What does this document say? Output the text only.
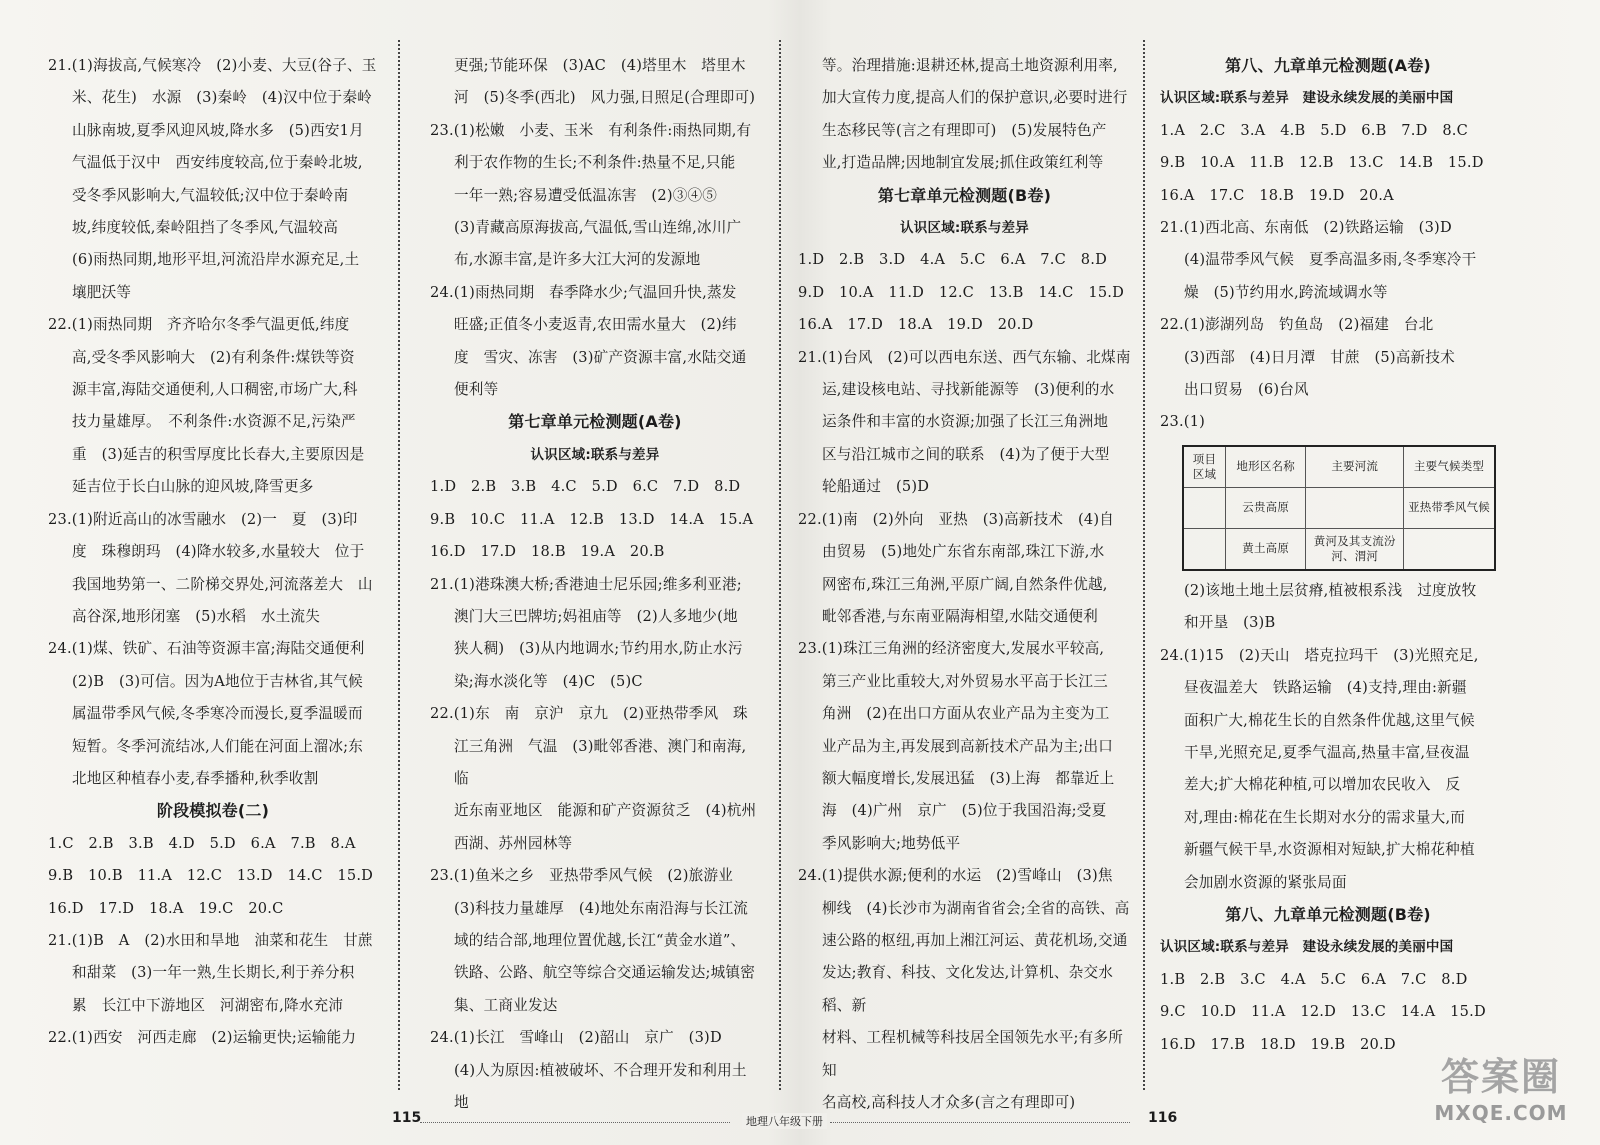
21.(1)海拔高,气候寒冷　(2)小麦、大豆(谷子、玉
米、花生)　水源　(3)秦岭　(4)汉中位于秦岭
山脉南坡,夏季风迎风坡,降水多　(5)西安1月
气温低于汉中　西安纬度较高,位于秦岭北坡,
受冬季风影响大,气温较低;汉中位于秦岭南
坡,纬度较低,秦岭阻挡了冬季风,气温较高
(6)雨热同期,地形平坦,河流沿岸水源充足,土
壤肥沃等
22.(1)雨热同期　齐齐哈尔冬季气温更低,纬度
高,受冬季风影响大　(2)有利条件:煤铁等资
源丰富,海陆交通便利,人口稠密,市场广大,科
技力量雄厚。　不利条件:水资源不足,污染严
重　(3)延吉的积雪厚度比长春大,主要原因是
延吉位于长白山脉的迎风坡,降雪更多
23.(1)附近高山的冰雪融水　(2)一　夏　(3)印
度　珠穆朗玛　(4)降水较多,水量较大　位于
我国地势第一、二阶梯交界处,河流落差大　山
高谷深,地形闭塞　(5)水稻　水土流失
24.(1)煤、铁矿、石油等资源丰富;海陆交通便利
(2)B　(3)可信。因为A地位于吉林省,其气候
属温带季风气候,冬季寒冷而漫长,夏季温暖而
短暂。冬季河流结冰,人们能在河面上溜冰;东
北地区种植春小麦,春季播种,秋季收割
阶段模拟卷(二)
1.C　2.B　3.B　4.D　5.D　6.A　7.B　8.A
9.B　10.B　11.A　12.C　13.D　14.C　15.D
16.D　17.D　18.A　19.C　20.C
21.(1)B　A　(2)水田和旱地　油菜和花生　甘蔗
和甜菜　(3)一年一熟,生长期长,利于养分积
累　长江中下游地区　河湖密布,降水充沛
22.(1)西安　河西走廊　(2)运输更快;运输能力
更强;节能环保　(3)AC　(4)塔里木　塔里木
河　(5)冬季(西北)　风力强,日照足(合理即可)
23.(1)松嫩　小麦、玉米　有利条件:雨热同期,有
利于农作物的生长;不利条件:热量不足,只能
一年一熟;容易遭受低温冻害　(2)③④⑤
(3)青藏高原海拔高,气温低,雪山连绵,冰川广
布,水源丰富,是许多大江大河的发源地
24.(1)雨热同期　春季降水少;气温回升快,蒸发
旺盛;正值冬小麦返青,农田需水量大　(2)纬
度　雪灾、冻害　(3)矿产资源丰富,水陆交通
便利等
第七章单元检测题(A卷)
认识区域:联系与差异
1.D　2.B　3.B　4.C　5.D　6.C　7.D　8.D
9.B　10.C　11.A　12.B　13.D　14.A　15.A
16.D　17.D　18.B　19.A　20.B
21.(1)港珠澳大桥;香港迪士尼乐园;维多利亚港;
澳门大三巴牌坊;妈祖庙等　(2)人多地少(地
狭人稠)　(3)从内地调水;节约用水,防止水污
染;海水淡化等　(4)C　(5)C
22.(1)东　南　京沪　京九　(2)亚热带季风　珠
江三角洲　气温　(3)毗邻香港、澳门和南海,临
近东南亚地区　能源和矿产资源贫乏　(4)杭州
西湖、苏州园林等
23.(1)鱼米之乡　亚热带季风气候　(2)旅游业
(3)科技力量雄厚　(4)地处东南沿海与长江流
域的结合部,地理位置优越,长江“黄金水道”、
铁路、公路、航空等综合交通运输发达;城镇密
集、工商业发达
24.(1)长江　雪峰山　(2)韶山　京广　(3)D
(4)人为原因:植被破坏、不合理开发和利用土地
等。治理措施:退耕还林,提高土地资源利用率,
加大宣传力度,提高人们的保护意识,必要时进行
生态移民等(言之有理即可)　(5)发展特色产
业,打造品牌;因地制宜发展;抓住政策红利等
第七章单元检测题(B卷)
认识区域:联系与差异
1.D　2.B　3.D　4.A　5.C　6.A　7.C　8.D
9.D　10.A　11.D　12.C　13.B　14.C　15.D
16.A　17.D　18.A　19.D　20.D
21.(1)台风　(2)可以西电东送、西气东输、北煤南
运,建设核电站、寻找新能源等　(3)便利的水
运条件和丰富的水资源;加强了长江三角洲地
区与沿江城市之间的联系　(4)为了便于大型
轮船通过　(5)D
22.(1)南　(2)外向　亚热　(3)高新技术　(4)自
由贸易　(5)地处广东省东南部,珠江下游,水
网密布,珠江三角洲,平原广阔,自然条件优越,
毗邻香港,与东南亚隔海相望,水陆交通便利
23.(1)珠江三角洲的经济密度大,发展水平较高,
第三产业比重较大,对外贸易水平高于长江三
角洲　(2)在出口方面从农业产品为主变为工
业产品为主,再发展到高新技术产品为主;出口
额大幅度增长,发展迅猛　(3)上海　都靠近上
海　(4)广州　京广　(5)位于我国沿海;受夏
季风影响大;地势低平
24.(1)提供水源;便利的水运　(2)雪峰山　(3)焦
柳线　(4)长沙市为湖南省省会;全省的高铁、高
速公路的枢纽,再加上湘江河运、黄花机场,交通
发达;教育、科技、文化发达,计算机、杂交水稻、新
材料、工程机械等科技居全国领先水平;有多所知
名高校,高科技人才众多(言之有理即可)
第八、九章单元检测题(A卷)
认识区域:联系与差异　建设永续发展的美丽中国
1.A　2.C　3.A　4.B　5.D　6.B　7.D　8.C
9.B　10.A　11.B　12.B　13.C　14.B　15.D
16.A　17.C　18.B　19.D　20.A
21.(1)西北高、东南低　(2)铁路运输　(3)D
(4)温带季风气候　夏季高温多雨,冬季寒冷干
燥　(5)节约用水,跨流域调水等
22.(1)澎湖列岛　钓鱼岛　(2)福建　台北
(3)西部　(4)日月潭　甘蔗　(5)高新技术
出口贸易　(6)台风
23.(1)
项目
区域	地形区名称	主要河流	主要气候类型
	云贵高原		亚热带季风气候
	黄土高原	黄河及其支流汾河、渭河	
(2)该地土地土层贫瘠,植被根系浅　过度放牧
和开垦　(3)B
24.(1)15　(2)天山　塔克拉玛干　(3)光照充足,
昼夜温差大　铁路运输　(4)支持,理由:新疆
面积广大,棉花生长的自然条件优越,这里气候
干旱,光照充足,夏季气温高,热量丰富,昼夜温
差大;扩大棉花种植,可以增加农民收入　反
对,理由:棉花在生长期对水分的需求量大,而
新疆气候干旱,水资源相对短缺,扩大棉花种植
会加剧水资源的紧张局面
第八、九章单元检测题(B卷)
认识区域:联系与差异　建设永续发展的美丽中国
1.B　2.B　3.C　4.A　5.C　6.A　7.C　8.D
9.C　10.D　11.A　12.D　13.C　14.A　15.D
16.D　17.B　18.D　19.B　20.D
115	地理八年级下册	116
答案圈
MXQE.COM
